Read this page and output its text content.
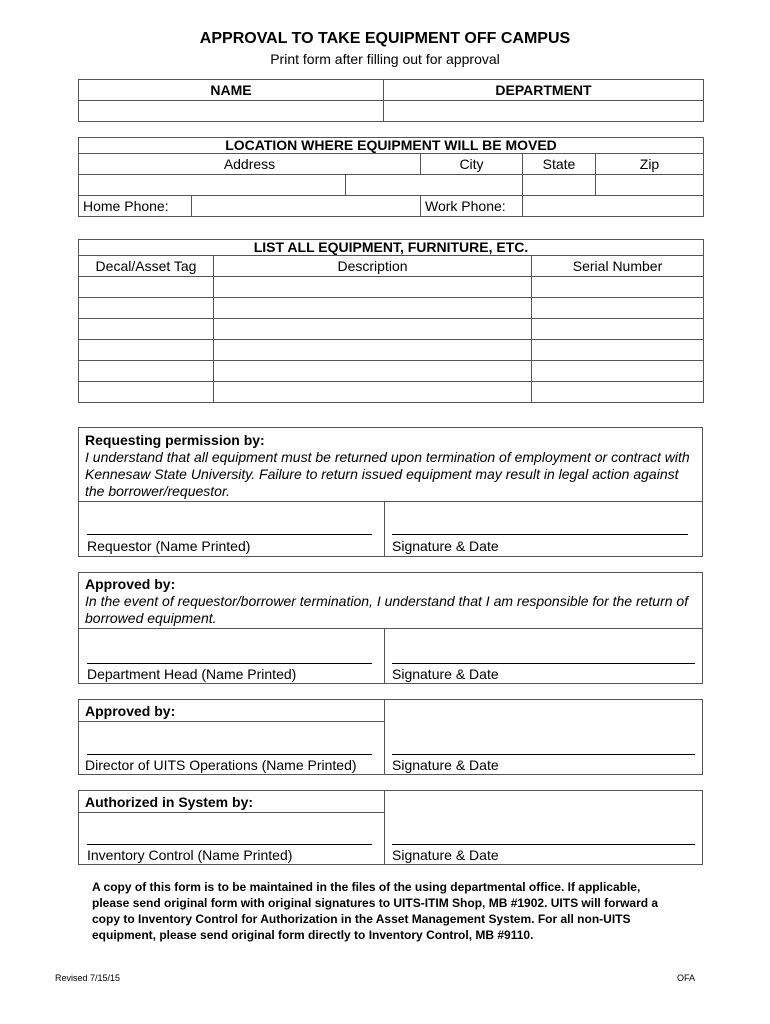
APPROVAL TO TAKE EQUIPMENT OFF CAMPUS
Print form after filling out for approval
NAME	DEPARTMENT

LOCATION WHERE EQUIPMENT WILL BE MOVED					
Address			City	State	Zip

Home Phone:			Work Phone:		
LIST ALL EQUIPMENT, FURNITURE, ETC.		
Decal/Asset Tag	Description	Serial Number

Requesting permission by:
I understand that all equipment must be returned upon termination of employment or contract with Kennesaw State University. Failure to return issued equipment may result in legal action against the borrower/requestor.
Requestor (Name Printed)	Signature & Date
Approved by:
In the event of requestor/borrower termination, I understand that I am responsible for the return of borrowed equipment.
Department Head (Name Printed)	Signature & Date
Approved by:
Director of UITS Operations (Name Printed)	Signature & Date
Authorized in System by:
Inventory Control (Name Printed)	Signature & Date
A copy of this form is to be maintained in the files of the using departmental office. If applicable, please send original form with original signatures to UITS-ITIM Shop, MB #1902. UITS will forward a copy to Inventory Control for Authorization in the Asset Management System. For all non-UITS equipment, please send original form directly to Inventory Control, MB #9110.
Revised 7/15/15	OFA
